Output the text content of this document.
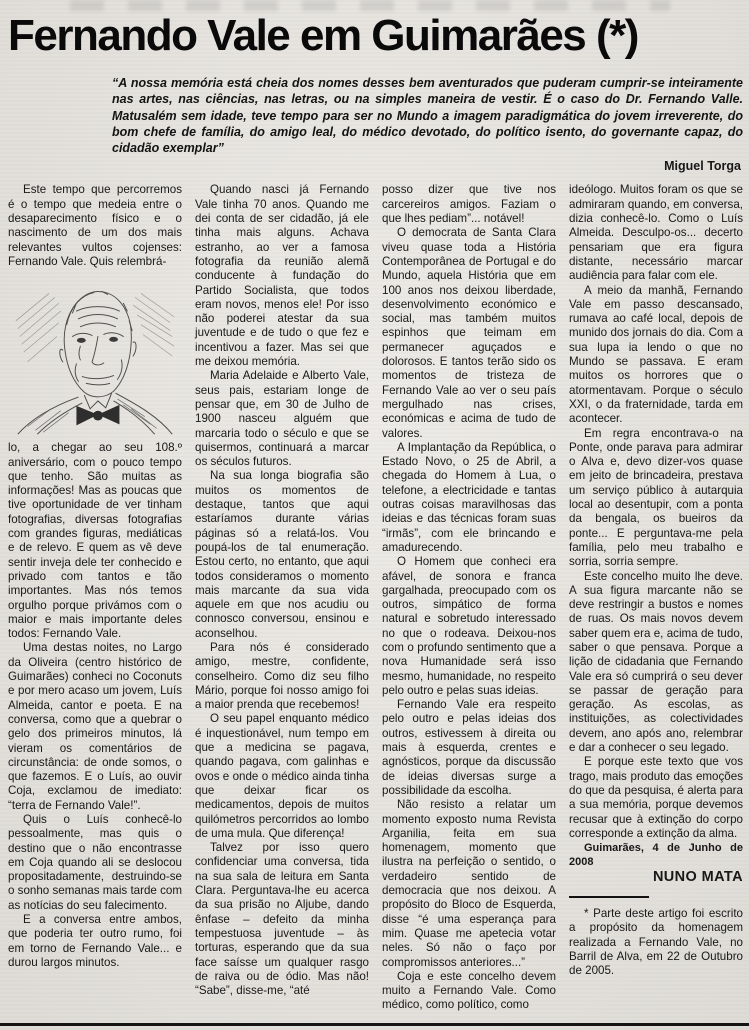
Fernando Vale em Guimarães (*)

“A nossa memória está cheia dos nomes desses bem aventurados que puderam cumprir-se inteiramente nas artes, nas ciências, nas letras, ou na simples maneira de vestir. É o caso do Dr. Fernando Valle. Matusalém sem idade, teve tempo para ser no Mundo a imagem paradigmática do jovem irreverente, do bom chefe de família, do amigo leal, do médico devotado, do político isento, do governante capaz, do cidadão exemplar”

Miguel Torga

Este tempo que percorremos é o tempo que medeia entre o desaparecimento físico e o nascimento de um dos mais relevantes vultos cojenses: Fernando Vale. Quis relembrá-

lo, a chegar ao seu 108.º aniversário, com o pouco tempo que tenho. São muitas as informações! Mas as poucas que tive oportunidade de ver tinham fotografias, diversas fotografias com grandes figuras, mediáticas e de relevo. E quem as vê deve sentir inveja dele ter conhecido e privado com tantos e tão importantes. Mas nós temos orgulho porque privámos com o maior e mais importante deles todos: Fernando Vale.

Uma destas noites, no Largo da Oliveira (centro histórico de Guimarães) conheci no Coconuts e por mero acaso um jovem, Luís Almeida, cantor e poeta. E na conversa, como que a quebrar o gelo dos primeiros minutos, lá vieram os comentários de circunstância: de onde somos, o que fazemos. E o Luís, ao ouvir Coja, exclamou de imediato: “terra de Fernando Vale!”.

Quis o Luís conhecê-lo pessoalmente, mas quis o destino que o não encontrasse em Coja quando ali se deslocou propositadamente, destruindo-se o sonho semanas mais tarde com as notícias do seu falecimento.

E a conversa entre ambos, que poderia ter outro rumo, foi em torno de Fernando Vale... e durou largos minutos.

Quando nasci já Fernando Vale tinha 70 anos. Quando me dei conta de ser cidadão, já ele tinha mais alguns. Achava estranho, ao ver a famosa fotografia da reunião alemã conducente à fundação do Partido Socialista, que todos eram novos, menos ele! Por isso não poderei atestar da sua juventude e de tudo o que fez e incentivou a fazer. Mas sei que me deixou memória.

Maria Adelaide e Alberto Vale, seus pais, estariam longe de pensar que, em 30 de Julho de 1900 nasceu alguém que marcaria todo o século e que se quisermos, continuará a marcar os séculos futuros.

Na sua longa biografia são muitos os momentos de destaque, tantos que aqui estaríamos durante várias páginas só a relatá-los. Vou poupá-los de tal enumeração. Estou certo, no entanto, que aqui todos consideramos o momento mais marcante da sua vida aquele em que nos acudiu ou connosco conversou, ensinou e aconselhou.

Para nós é considerado amigo, mestre, confidente, conselheiro. Como diz seu filho Mário, porque foi nosso amigo foi a maior prenda que recebemos!

O seu papel enquanto médico é inquestionável, num tempo em que a medicina se pagava, quando pagava, com galinhas e ovos e onde o médico ainda tinha que deixar ficar os medicamentos, depois de muitos quilómetros percorridos ao lombo de uma mula. Que diferença!

Talvez por isso quero confidenciar uma conversa, tida na sua sala de leitura em Santa Clara. Perguntava-lhe eu acerca da sua prisão no Aljube, dando ênfase – defeito da minha tempestuosa juventude – às torturas, esperando que da sua face saísse um qualquer rasgo de raiva ou de ódio. Mas não! “Sabe”, disse-me, “até

posso dizer que tive nos carcereiros amigos. Faziam o que lhes pediam”... notável!

O democrata de Santa Clara viveu quase toda a História Contemporânea de Portugal e do Mundo, aquela História que em 100 anos nos deixou liberdade, desenvolvimento económico e social, mas também muitos espinhos que teimam em permanecer aguçados e dolorosos. E tantos terão sido os momentos de tristeza de Fernando Vale ao ver o seu país mergulhado nas crises, económicas e acima de tudo de valores.

A Implantação da República, o Estado Novo, o 25 de Abril, a chegada do Homem à Lua, o telefone, a electricidade e tantas outras coisas maravilhosas das ideias e das técnicas foram suas “irmãs”, com ele brincando e amadurecendo.

O Homem que conheci era afável, de sonora e franca gargalhada, preocupado com os outros, simpático de forma natural e sobretudo interessado no que o rodeava. Deixou-nos com o profundo sentimento que a nova Humanidade será isso mesmo, humanidade, no respeito pelo outro e pelas suas ideias.

Fernando Vale era respeito pelo outro e pelas ideias dos outros, estivessem à direita ou mais à esquerda, crentes e agnósticos, porque da discussão de ideias diversas surge a possibilidade da escolha.

Não resisto a relatar um momento exposto numa Revista Arganilia, feita em sua homenagem, momento que ilustra na perfeição o sentido, o verdadeiro sentido de democracia que nos deixou. A propósito do Bloco de Esquerda, disse “é uma esperança para mim. Quase me apetecia votar neles. Só não o faço por compromissos anteriores...”

Coja e este concelho devem muito a Fernando Vale. Como médico, como político, como

ideólogo. Muitos foram os que se admiraram quando, em conversa, dizia conhecê-lo. Como o Luís Almeida. Desculpo-os... decerto pensariam que era figura distante, necessário marcar audiência para falar com ele.

A meio da manhã, Fernando Vale em passo descansado, rumava ao café local, depois de munido dos jornais do dia. Com a sua lupa ia lendo o que no Mundo se passava. E eram muitos os horrores que o atormentavam. Porque o século XXI, o da fraternidade, tarda em acontecer.

Em regra encontrava-o na Ponte, onde parava para admirar o Alva e, devo dizer-vos quase em jeito de brincadeira, prestava um serviço público à autarquia local ao desentupir, com a ponta da bengala, os bueiros da ponte... E perguntava-me pela família, pelo meu trabalho e sorria, sorria sempre.

Este concelho muito lhe deve. A sua figura marcante não se deve restringir a bustos e nomes de ruas. Os mais novos devem saber quem era e, acima de tudo, saber o que pensava. Porque a lição de cidadania que Fernando Vale era só cumprirá o seu dever se passar de geração para geração. As escolas, as instituições, as colectividades devem, ano após ano, relembrar e dar a conhecer o seu legado.

E porque este texto que vos trago, mais produto das emoções do que da pesquisa, é alerta para a sua memória, porque devemos recusar que à extinção do corpo corresponde a extinção da alma.

Guimarães, 4 de Junho de 2008

NUNO MATA

* Parte deste artigo foi escrito a propósito da homenagem realizada a Fernando Vale, no Barril de Alva, em 22 de Outubro de 2005.
